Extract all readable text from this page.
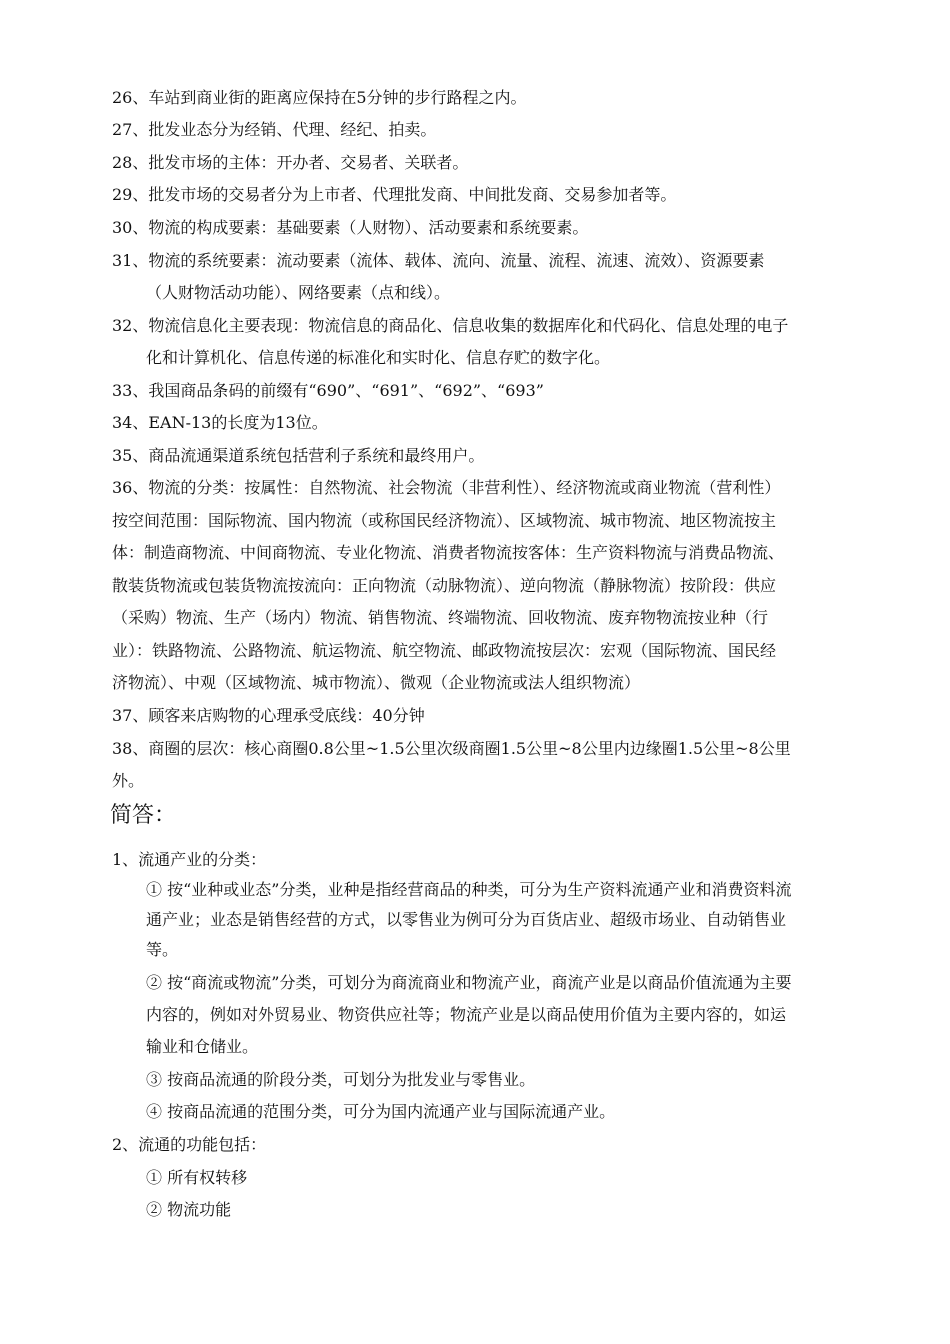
26、车站到商业街的距离应保持在5分钟的步行路程之内。
27、批发业态分为经销、代理、经纪、拍卖。
28、批发市场的主体：开办者、交易者、关联者。
29、批发市场的交易者分为上市者、代理批发商、中间批发商、交易参加者等。
30、物流的构成要素：基础要素（人财物）、活动要素和系统要素。
31、物流的系统要素：流动要素（流体、载体、流向、流量、流程、流速、流效）、资源要素
（人财物活动功能）、网络要素（点和线）。
32、物流信息化主要表现：物流信息的商品化、信息收集的数据库化和代码化、信息处理的电子
化和计算机化、信息传递的标准化和实时化、信息存贮的数字化。
33、我国商品条码的前缀有“690”、“691”、“692”、“693”
34、EAN-13的长度为13位。
35、商品流通渠道系统包括营利子系统和最终用户。
36、物流的分类：按属性：自然物流、社会物流（非营利性）、经济物流或商业物流（营利性）
按空间范围：国际物流、国内物流（或称国民经济物流）、区域物流、城市物流、地区物流按主
体：制造商物流、中间商物流、专业化物流、消费者物流按客体：生产资料物流与消费品物流、
散装货物流或包装货物流按流向：正向物流（动脉物流）、逆向物流（静脉物流）按阶段：供应
（采购）物流、生产（场内）物流、销售物流、终端物流、回收物流、废弃物物流按业种（行
业）：铁路物流、公路物流、航运物流、航空物流、邮政物流按层次：宏观（国际物流、国民经
济物流）、中观（区域物流、城市物流）、微观（企业物流或法人组织物流）
37、顾客来店购物的心理承受底线：40分钟
38、商圈的层次：核心商圈0.8公里~1.5公里次级商圈1.5公里~8公里内边缘圈1.5公里~8公里
外。
简答：
1、流通产业的分类：
① 按“业种或业态”分类，业种是指经营商品的种类，可分为生产资料流通产业和消费资料流
通产业；业态是销售经营的方式，以零售业为例可分为百货店业、超级市场业、自动销售业
等。
② 按“商流或物流”分类，可划分为商流商业和物流产业，商流产业是以商品价值流通为主要
内容的，例如对外贸易业、物资供应社等；物流产业是以商品使用价值为主要内容的，如运
输业和仓储业。
③ 按商品流通的阶段分类，可划分为批发业与零售业。
④ 按商品流通的范围分类，可分为国内流通产业与国际流通产业。
2、流通的功能包括：
① 所有权转移
② 物流功能
